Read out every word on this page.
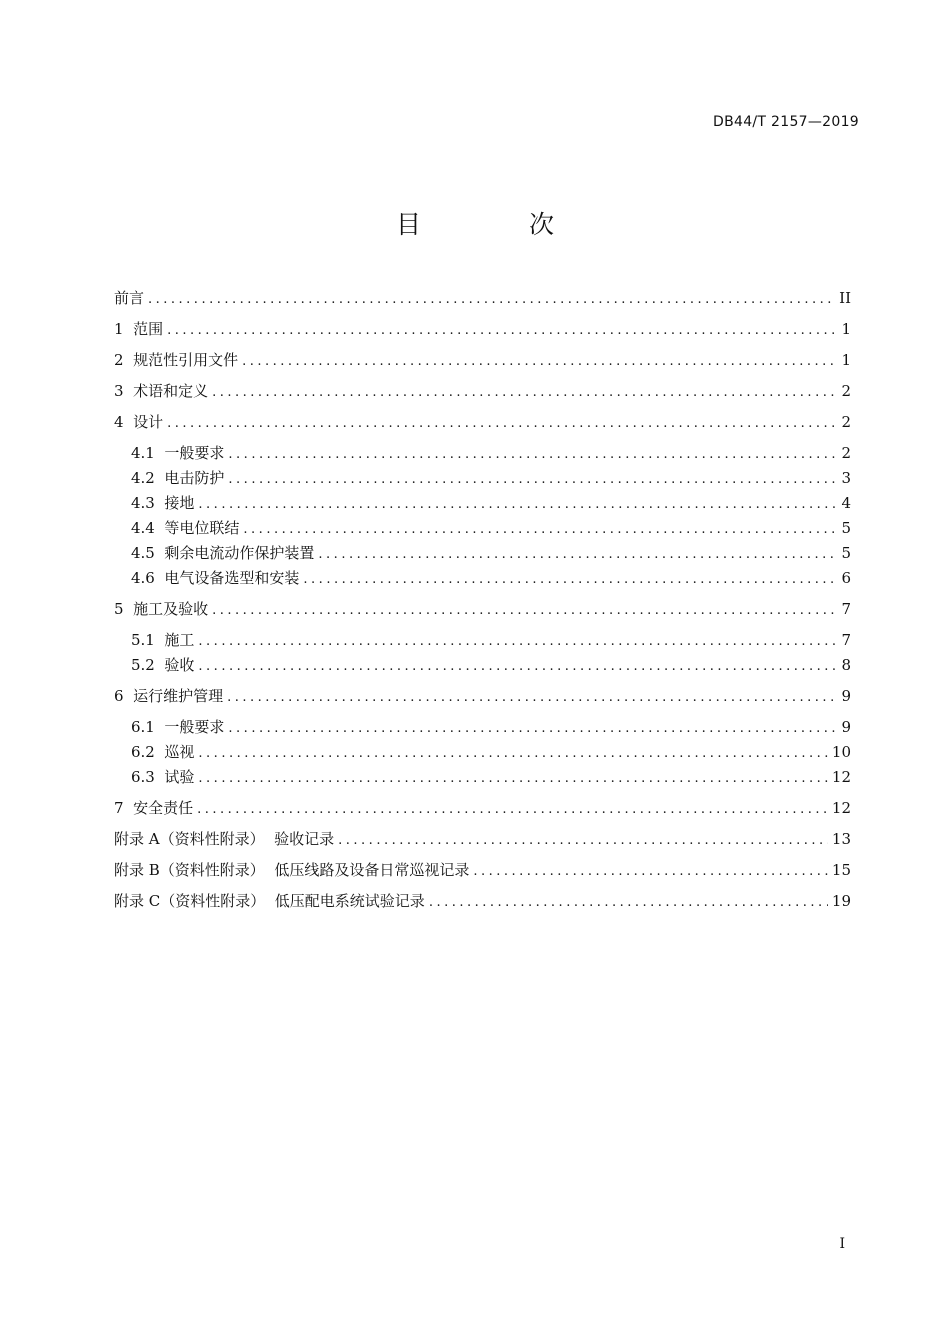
DB44/T 2157—2019
目 次
前言 .....	II
1 范围 .....	1
2 规范性引用文件 .....	1
3 术语和定义 .....	2
4 设计 .....	2
4.1 一般要求 .....	2
4.2 电击防护 .....	3
4.3 接地 .....	4
4.4 等电位联结 .....	5
4.5 剩余电流动作保护装置 .....	5
4.6 电气设备选型和安装 .....	6
5 施工及验收 .....	7
5.1 施工 .....	7
5.2 验收 .....	8
6 运行维护管理 .....	9
6.1 一般要求 .....	9
6.2 巡视 .....	10
6.3 试验 .....	12
7 安全责任 .....	12
附录 A（资料性附录） 验收记录 .....	13
附录 B（资料性附录） 低压线路及设备日常巡视记录 .....	15
附录 C（资料性附录） 低压配电系统试验记录 .....	19
I
